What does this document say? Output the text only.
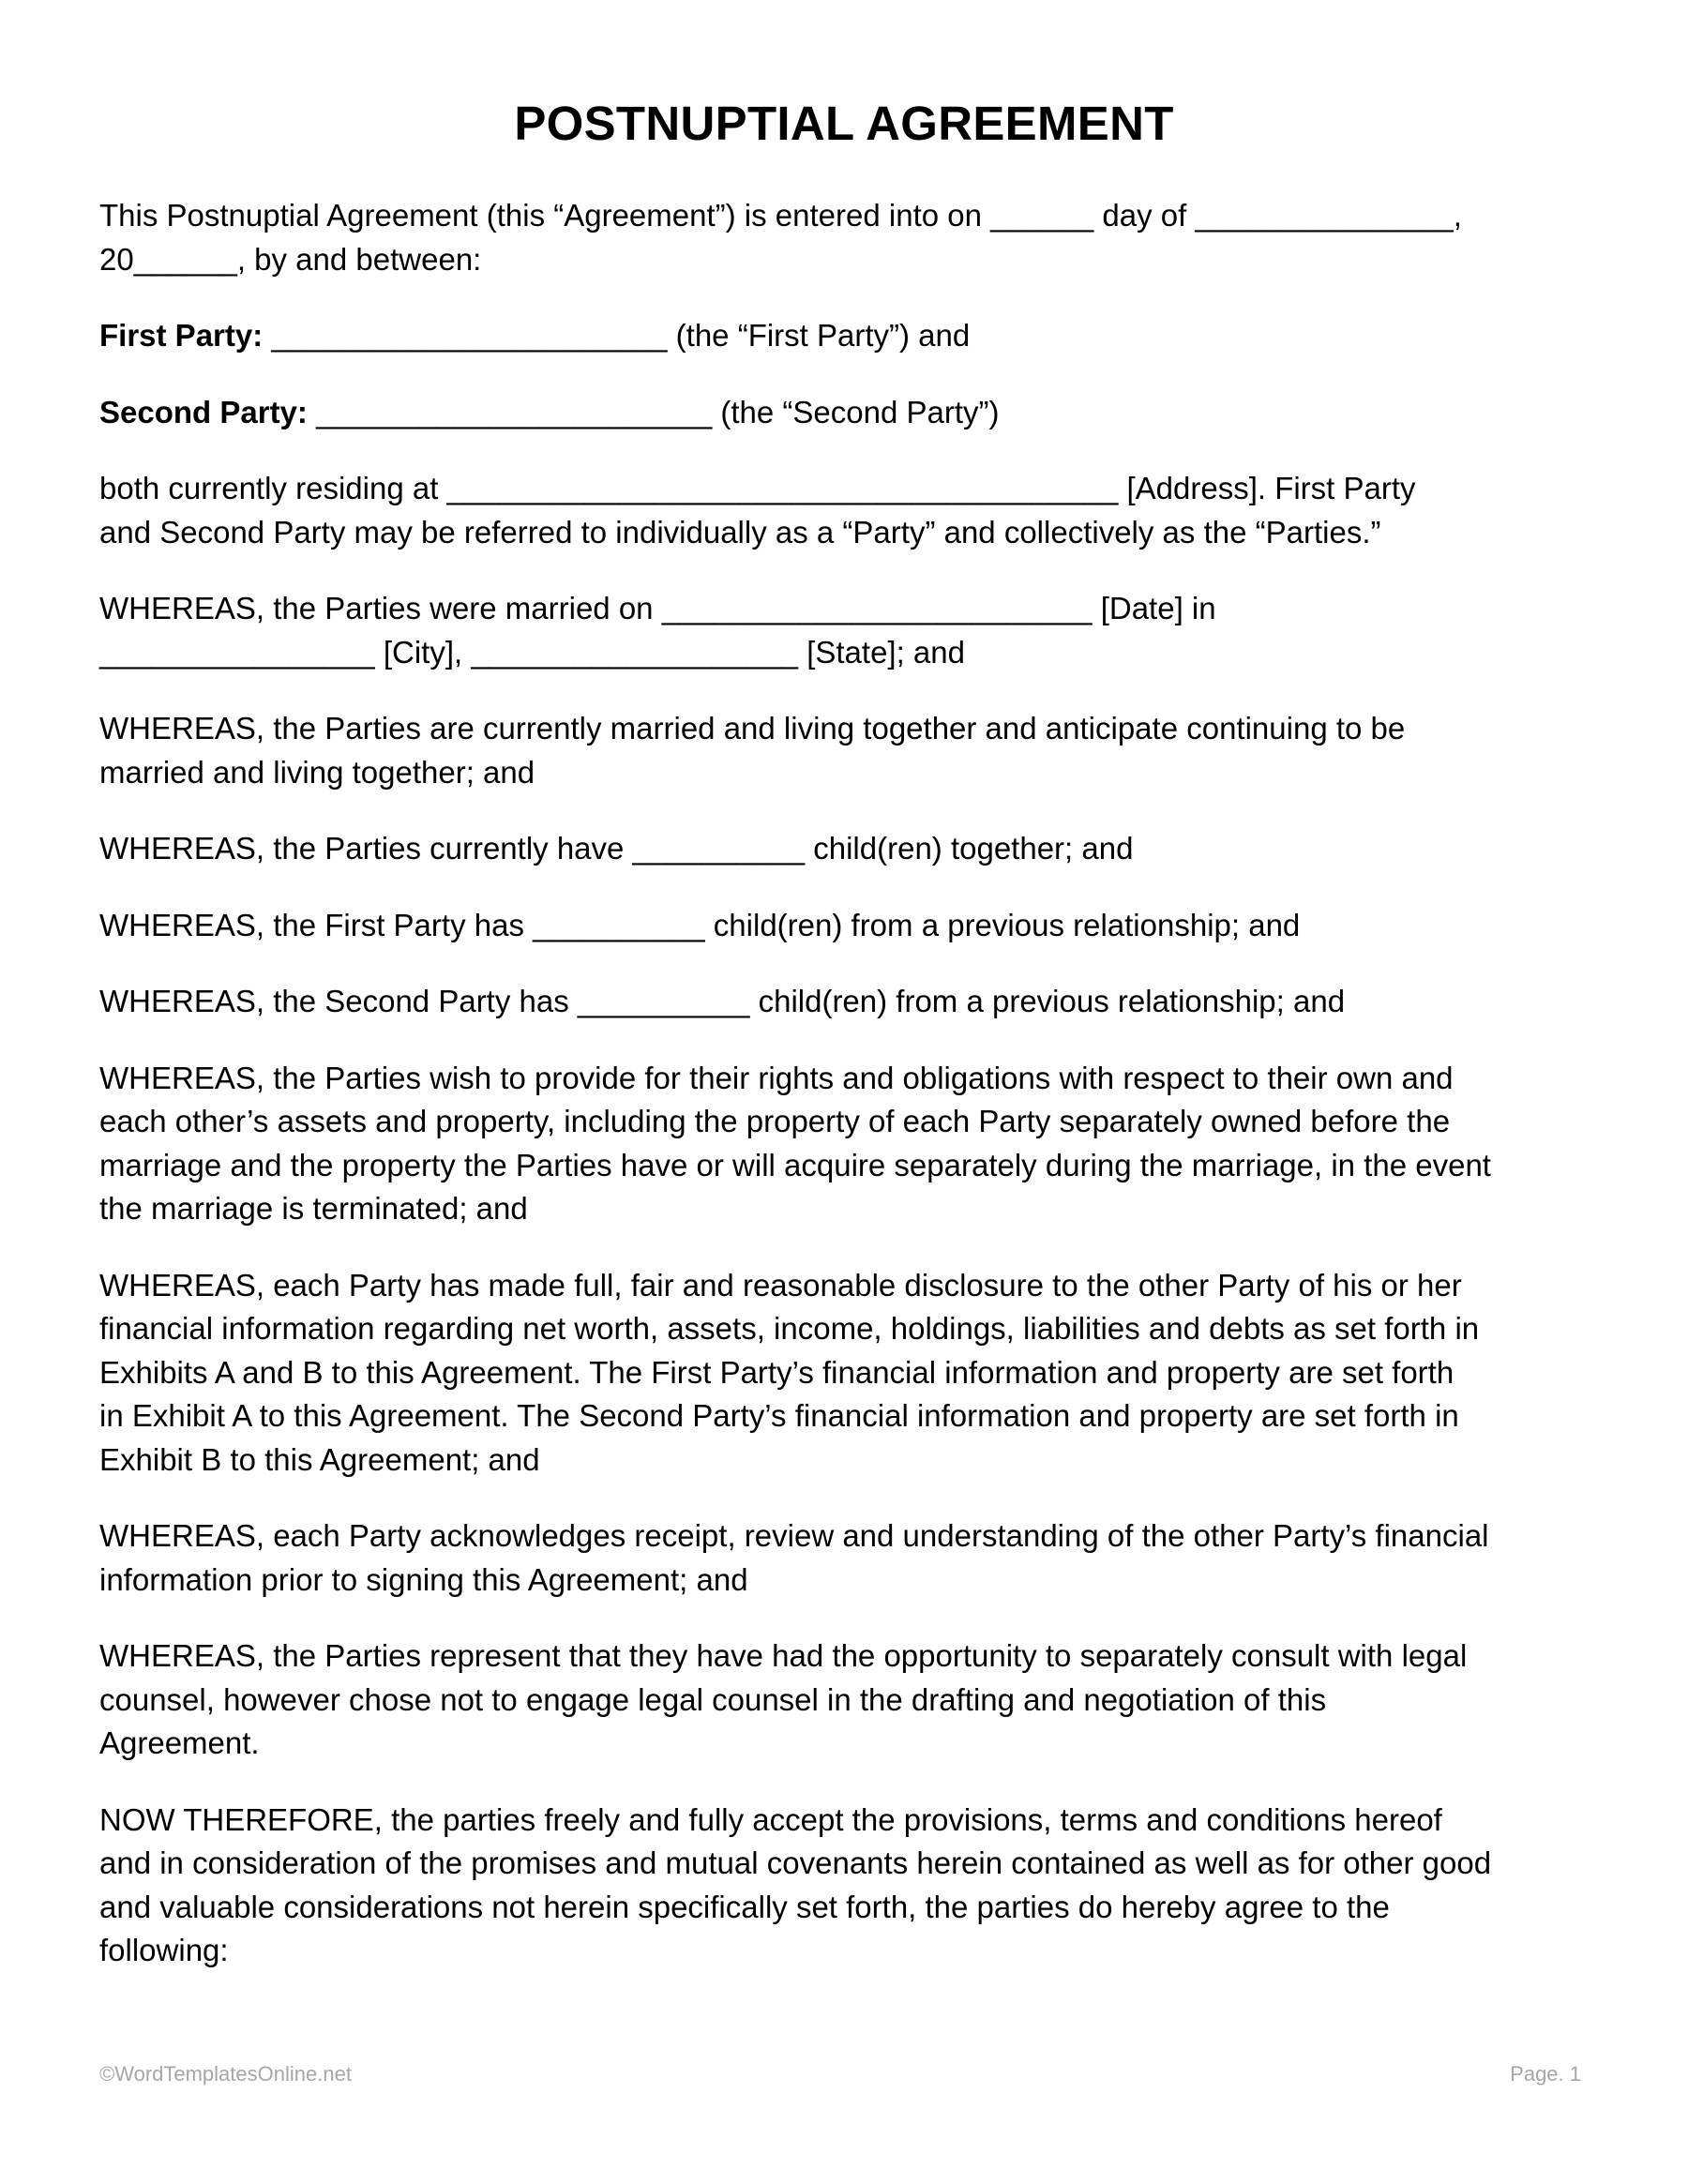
POSTNUPTIAL AGREEMENT
This Postnuptial Agreement (this “Agreement”) is entered into on ______ day of _______________,
20______, by and between:
First Party: _______________________ (the “First Party”) and
Second Party: _______________________ (the “Second Party”)
both currently residing at _______________________________________ [Address]. First Party
and Second Party may be referred to individually as a “Party” and collectively as the “Parties.”
WHEREAS, the Parties were married on _________________________ [Date] in
________________ [City], ___________________ [State]; and
WHEREAS, the Parties are currently married and living together and anticipate continuing to be
married and living together; and
WHEREAS, the Parties currently have __________ child(ren) together; and
WHEREAS, the First Party has __________ child(ren) from a previous relationship; and
WHEREAS, the Second Party has __________ child(ren) from a previous relationship; and
WHEREAS, the Parties wish to provide for their rights and obligations with respect to their own and
each other’s assets and property, including the property of each Party separately owned before the
marriage and the property the Parties have or will acquire separately during the marriage, in the event
the marriage is terminated; and
WHEREAS, each Party has made full, fair and reasonable disclosure to the other Party of his or her
financial information regarding net worth, assets, income, holdings, liabilities and debts as set forth in
Exhibits A and B to this Agreement. The First Party’s financial information and property are set forth
in Exhibit A to this Agreement. The Second Party’s financial information and property are set forth in
Exhibit B to this Agreement; and
WHEREAS, each Party acknowledges receipt, review and understanding of the other Party’s financial
information prior to signing this Agreement; and
WHEREAS, the Parties represent that they have had the opportunity to separately consult with legal
counsel, however chose not to engage legal counsel in the drafting and negotiation of this
Agreement.
NOW THEREFORE, the parties freely and fully accept the provisions, terms and conditions hereof
and in consideration of the promises and mutual covenants herein contained as well as for other good
and valuable considerations not herein specifically set forth, the parties do hereby agree to the
following:
©WordTemplatesOnline.net	Page. 1
